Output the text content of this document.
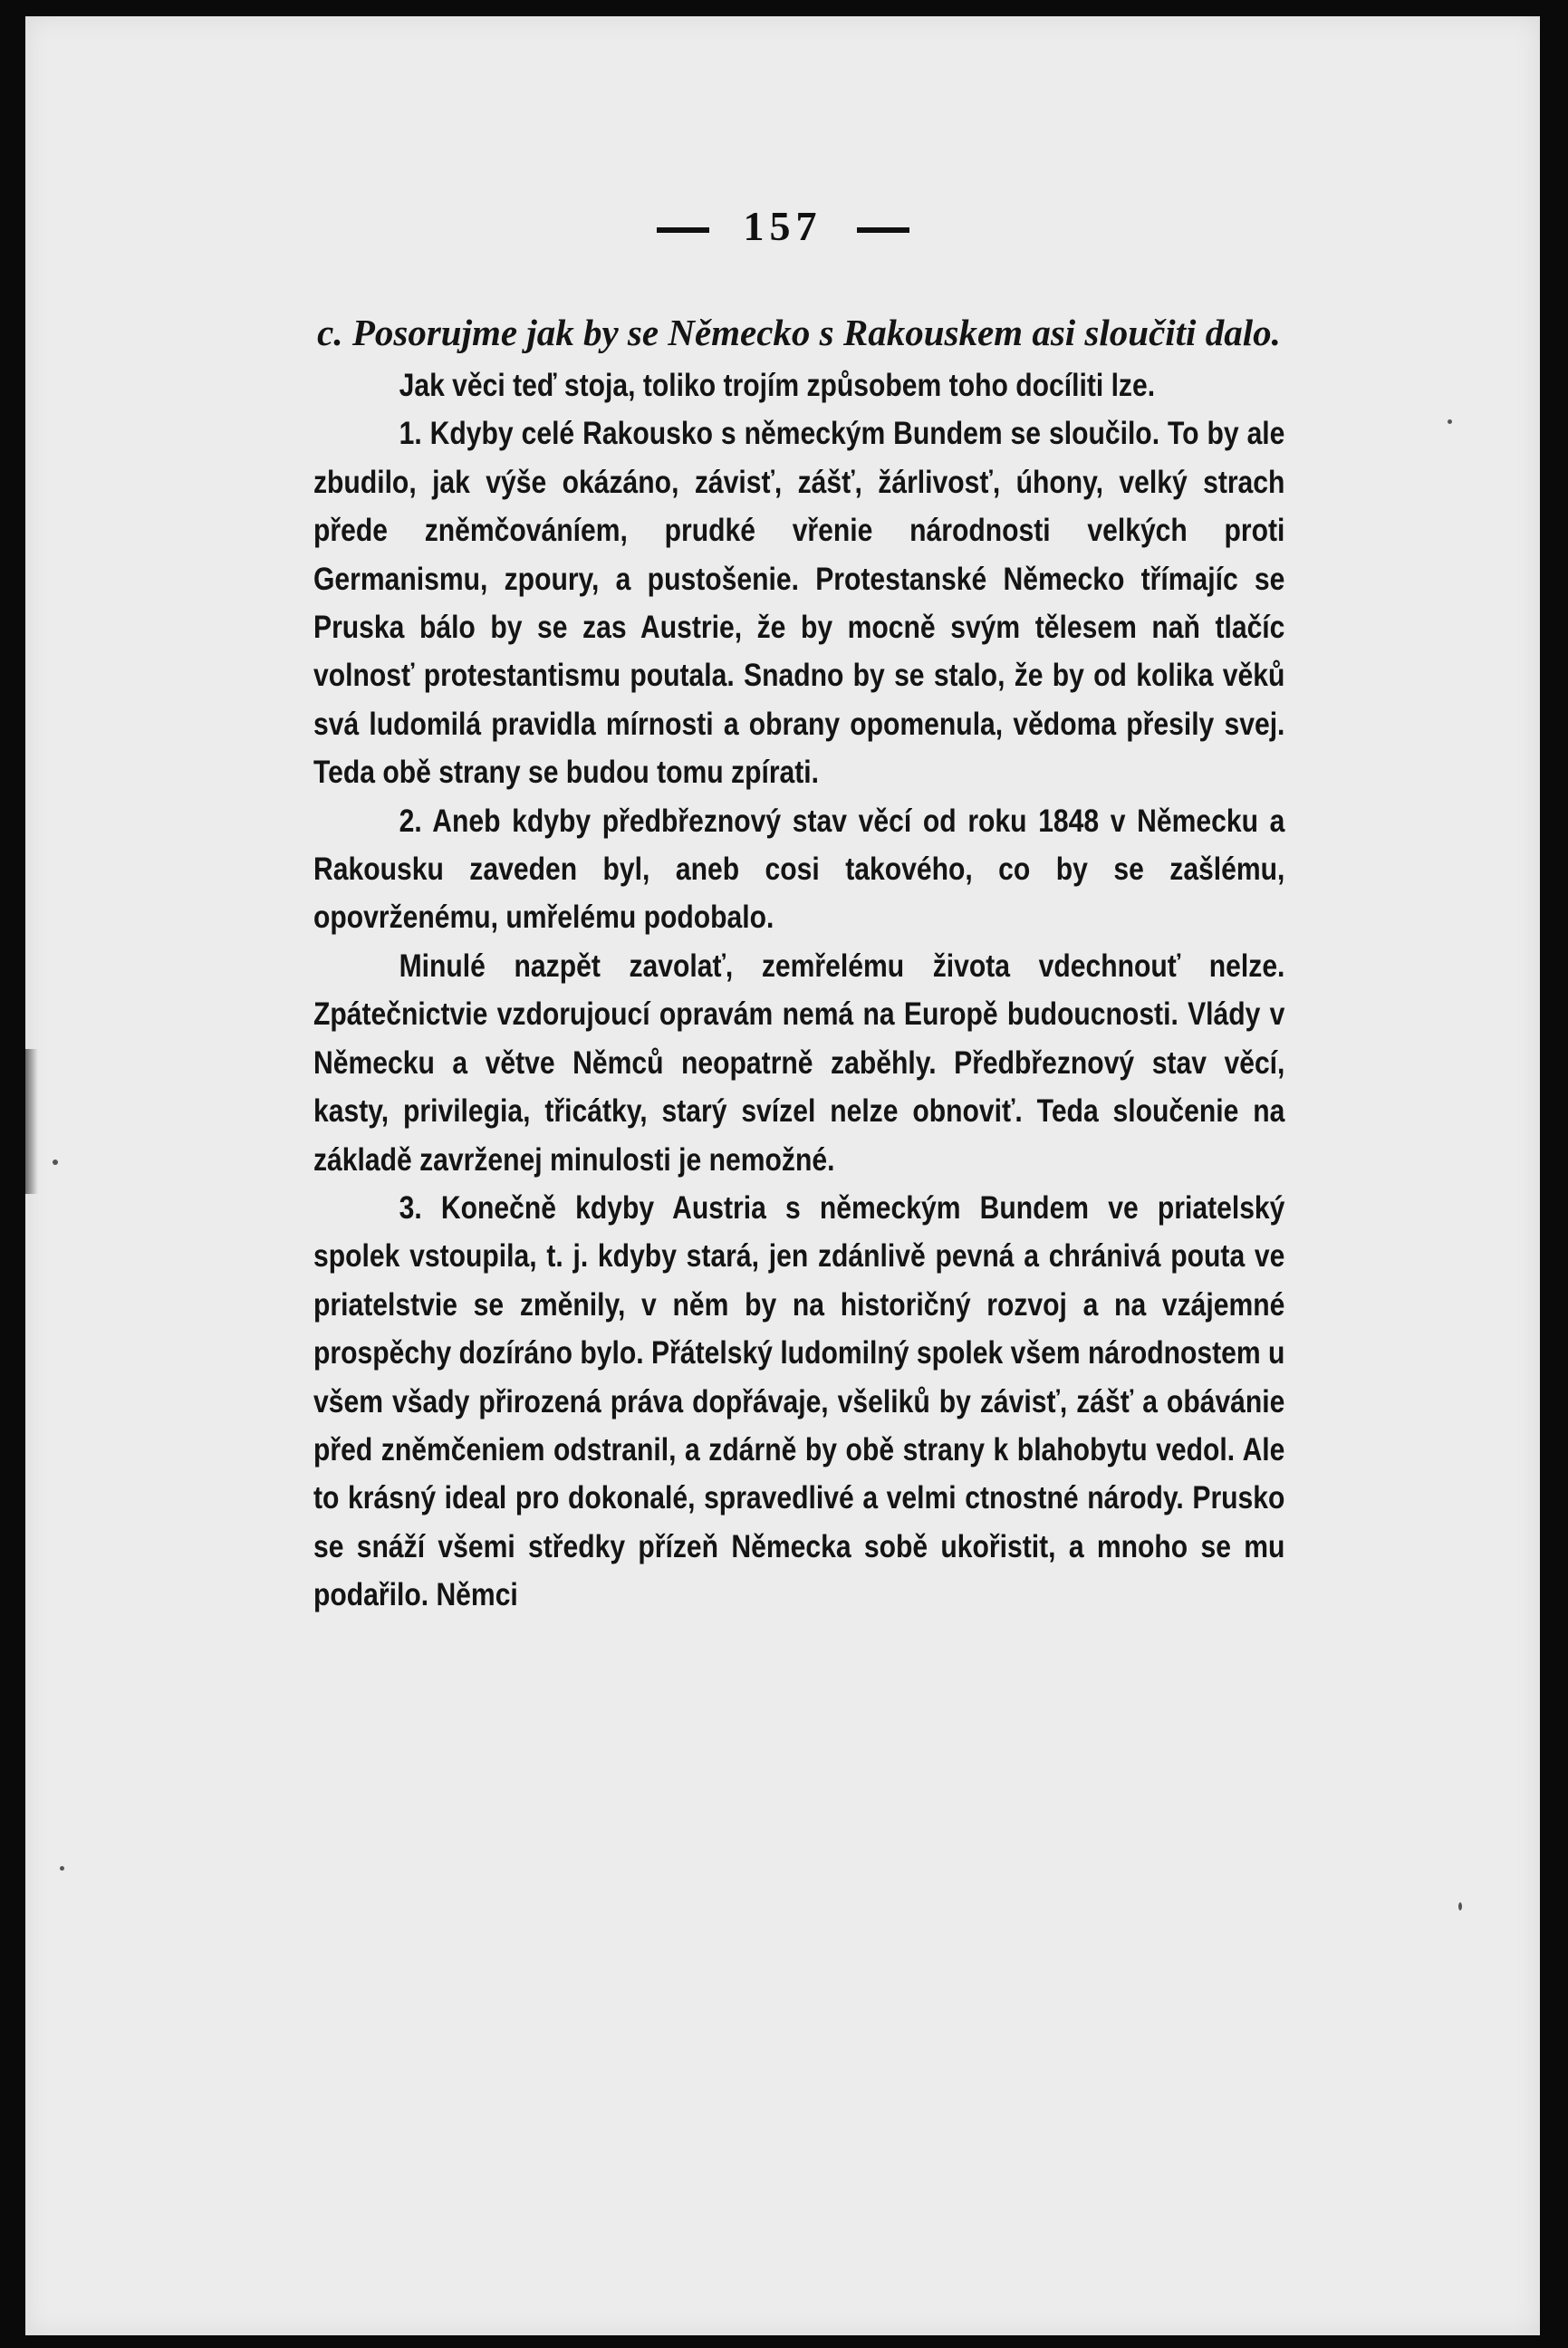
157

c. Posorujme jak by se Německo s Rakouskem asi sloučiti dalo.

Jak věci teď stoja, toliko trojím způsobem toho docíliti lze.

1. Kdyby celé Rakousko s německým Bundem se sloučilo. To by ale zbudilo, jak výše okázáno, závisť, zášť, žárlivosť, úhony, velký strach přede zněmčováníem, prudké vřenie národnosti velkých proti Germanismu, zpoury, a pustošenie. Protestanské Německo třímajíc se Pruska bálo by se zas Austrie, že by mocně svým tělesem naň tlačíc volnosť protestantismu poutala. Snadno by se stalo, že by od kolika věků svá ludomilá pravidla mírnosti a obrany opomenula, vědoma přesily svej. Teda obě strany se budou tomu zpírati.

2. Aneb kdyby předbřeznový stav věcí od roku 1848 v Německu a Rakousku zaveden byl, aneb cosi takového, co by se zašlému, opovrženému, umřelému podobalo.

Minulé nazpět zavolať, zemřelému života vdechnouť nelze. Zpátečnictvie vzdorujoucí opravám nemá na Europě budoucnosti. Vlády v Německu a větve Němců neopatrně zaběhly. Předbřeznový stav věcí, kasty, privilegia, třicátky, starý svízel nelze obnoviť. Teda sloučenie na základě zavrženej minulosti je nemožné.

3. Konečně kdyby Austria s německým Bundem ve priatelský spolek vstoupila, t. j. kdyby stará, jen zdánlivě pevná a chránivá pouta ve priatelstvie se změnily, v něm by na historičný rozvoj a na vzájemné prospěchy dozíráno bylo. Přátelský ludomilný spolek všem národnostem u všem všady přirozená práva dopřávaje, všeliků by závisť, zášť a obávánie před zněmčeniem odstranil, a zdárně by obě strany k blahobytu vedol. Ale to krásný ideal pro dokonalé, spravedlivé a velmi ctnostné národy. Prusko se snáží všemi středky přízeň Německa sobě ukořistit, a mnoho se mu podařilo. Němci
